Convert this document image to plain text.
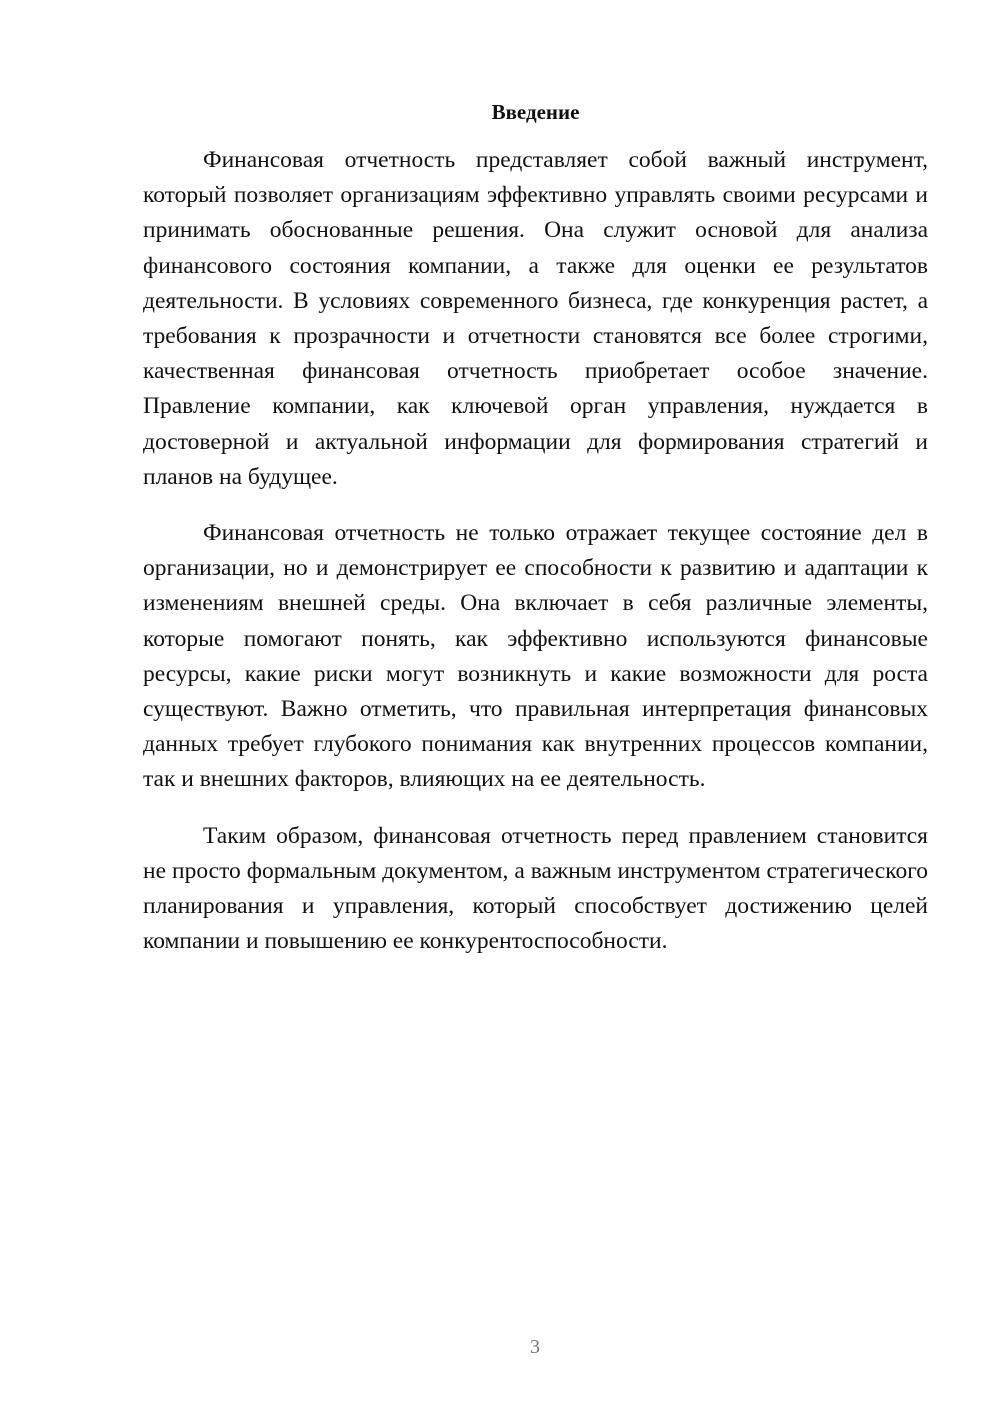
Введение

Финансовая отчетность представляет собой важный инструмент, который позволяет организациям эффективно управлять своими ресурсами и принимать обоснованные решения. Она служит основой для анализа финансового состояния компании, а также для оценки ее результатов деятельности. В условиях современного бизнеса, где конкуренция растет, а требования к прозрачности и отчетности становятся все более строгими, качественная финансовая отчетность приобретает особое значение. Правление компании, как ключевой орган управления, нуждается в достоверной и актуальной информации для формирования стратегий и планов на будущее.

Финансовая отчетность не только отражает текущее состояние дел в организации, но и демонстрирует ее способности к развитию и адаптации к изменениям внешней среды. Она включает в себя различные элементы, которые помогают понять, как эффективно используются финансовые ресурсы, какие риски могут возникнуть и какие возможности для роста существуют. Важно отметить, что правильная интерпретация финансовых данных требует глубокого понимания как внутренних процессов компании, так и внешних факторов, влияющих на ее деятельность.

Таким образом, финансовая отчетность перед правлением становится не просто формальным документом, а важным инструментом стратегического планирования и управления, который способствует достижению целей компании и повышению ее конкурентоспособности.

3
